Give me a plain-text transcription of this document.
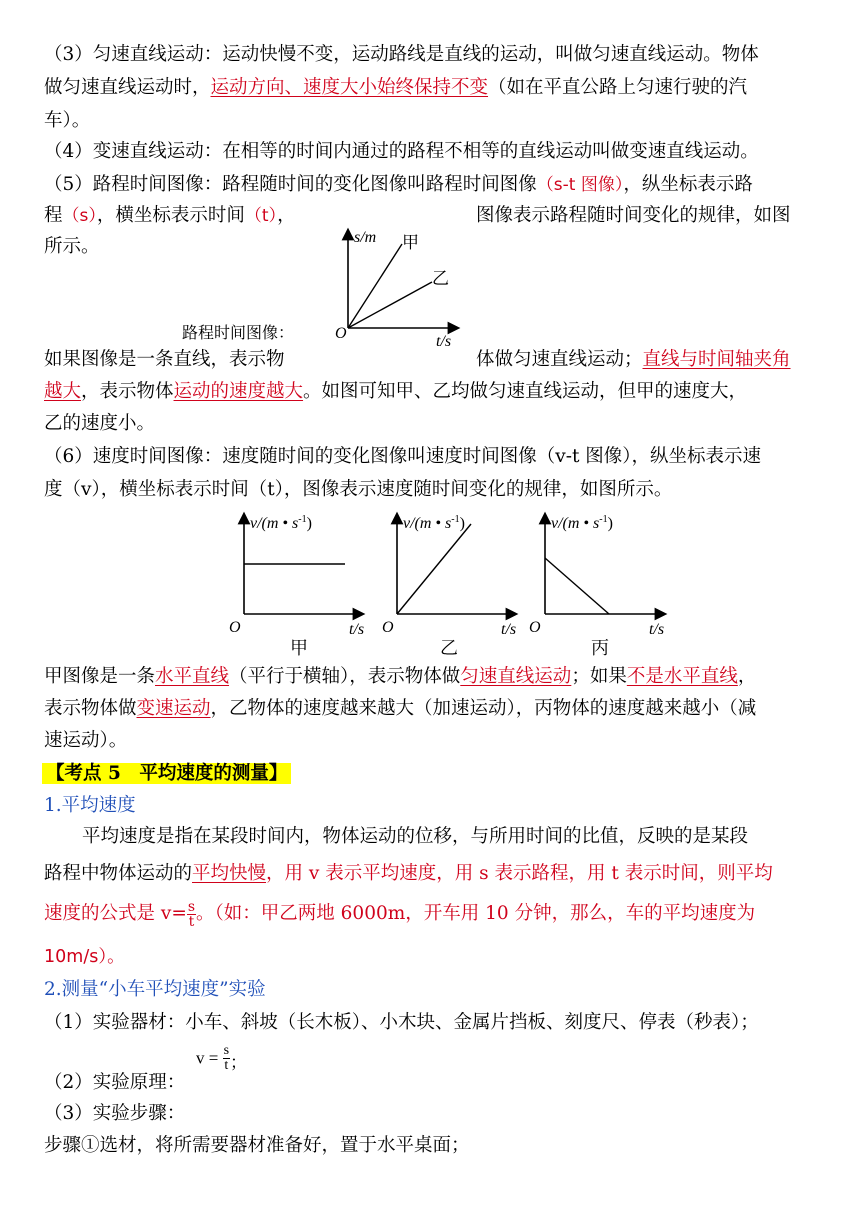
（3）匀速直线运动：运动快慢不变，运动路线是直线的运动，叫做匀速直线运动。物体
做匀速直线运动时，运动方向、速度大小始终保持不变（如在平直公路上匀速行驶的汽
车）。
（4）变速直线运动：在相等的时间内通过的路程不相等的直线运动叫做变速直线运动。
（5）路程时间图像：路程随时间的变化图像叫路程时间图像（s-t 图像），纵坐标表示路
程（s），横坐标表示时间（t），	图像表示路程随时间变化的规律，如图
所示。
路程时间图像：
s/m
t/s
O
甲
乙
如果图像是一条直线，表示物	体做匀速直线运动；直线与时间轴夹角
越大，表示物体运动的速度越大。如图可知甲、乙均做匀速直线运动，但甲的速度大，
乙的速度小。
（6）速度时间图像：速度随时间的变化图像叫速度时间图像（v-t 图像），纵坐标表示速
度（v），横坐标表示时间（t），图像表示速度随时间变化的规律，如图所示。
v/(m • $s^{-1}$)
t/s
O
甲
v/(m • $s^{-1}$)
t/s
O
乙
v/(m • $s^{-1}$)
t/s
O
丙
甲图像是一条水平直线（平行于横轴），表示物体做匀速直线运动；如果不是水平直线，
表示物体做变速运动，乙物体的速度越来越大（加速运动），丙物体的速度越来越小（减
速运动）。
【考点 5　平均速度的测量】
1.平均速度
平均速度是指在某段时间内，物体运动的位移，与所用时间的比值，反映的是某段
路程中物体运动的平均快慢，用 v 表示平均速度，用 s 表示路程，用 t 表示时间，则平均
速度的公式是 $v= \frac{s}{t}$ 。（如：甲乙两地 6000m，开车用 10 分钟，那么，车的平均速度为
10m/s）。
2.测量“小车平均速度”实验
（1）实验器材：小车、斜坡（长木板）、小木块、金属片挡板、刻度尺、停表（秒表）；
（2）实验原理：
$v = \frac{s}{t}$ ；
（3）实验步骤：
步骤①选材，将所需要器材准备好，置于水平桌面；
